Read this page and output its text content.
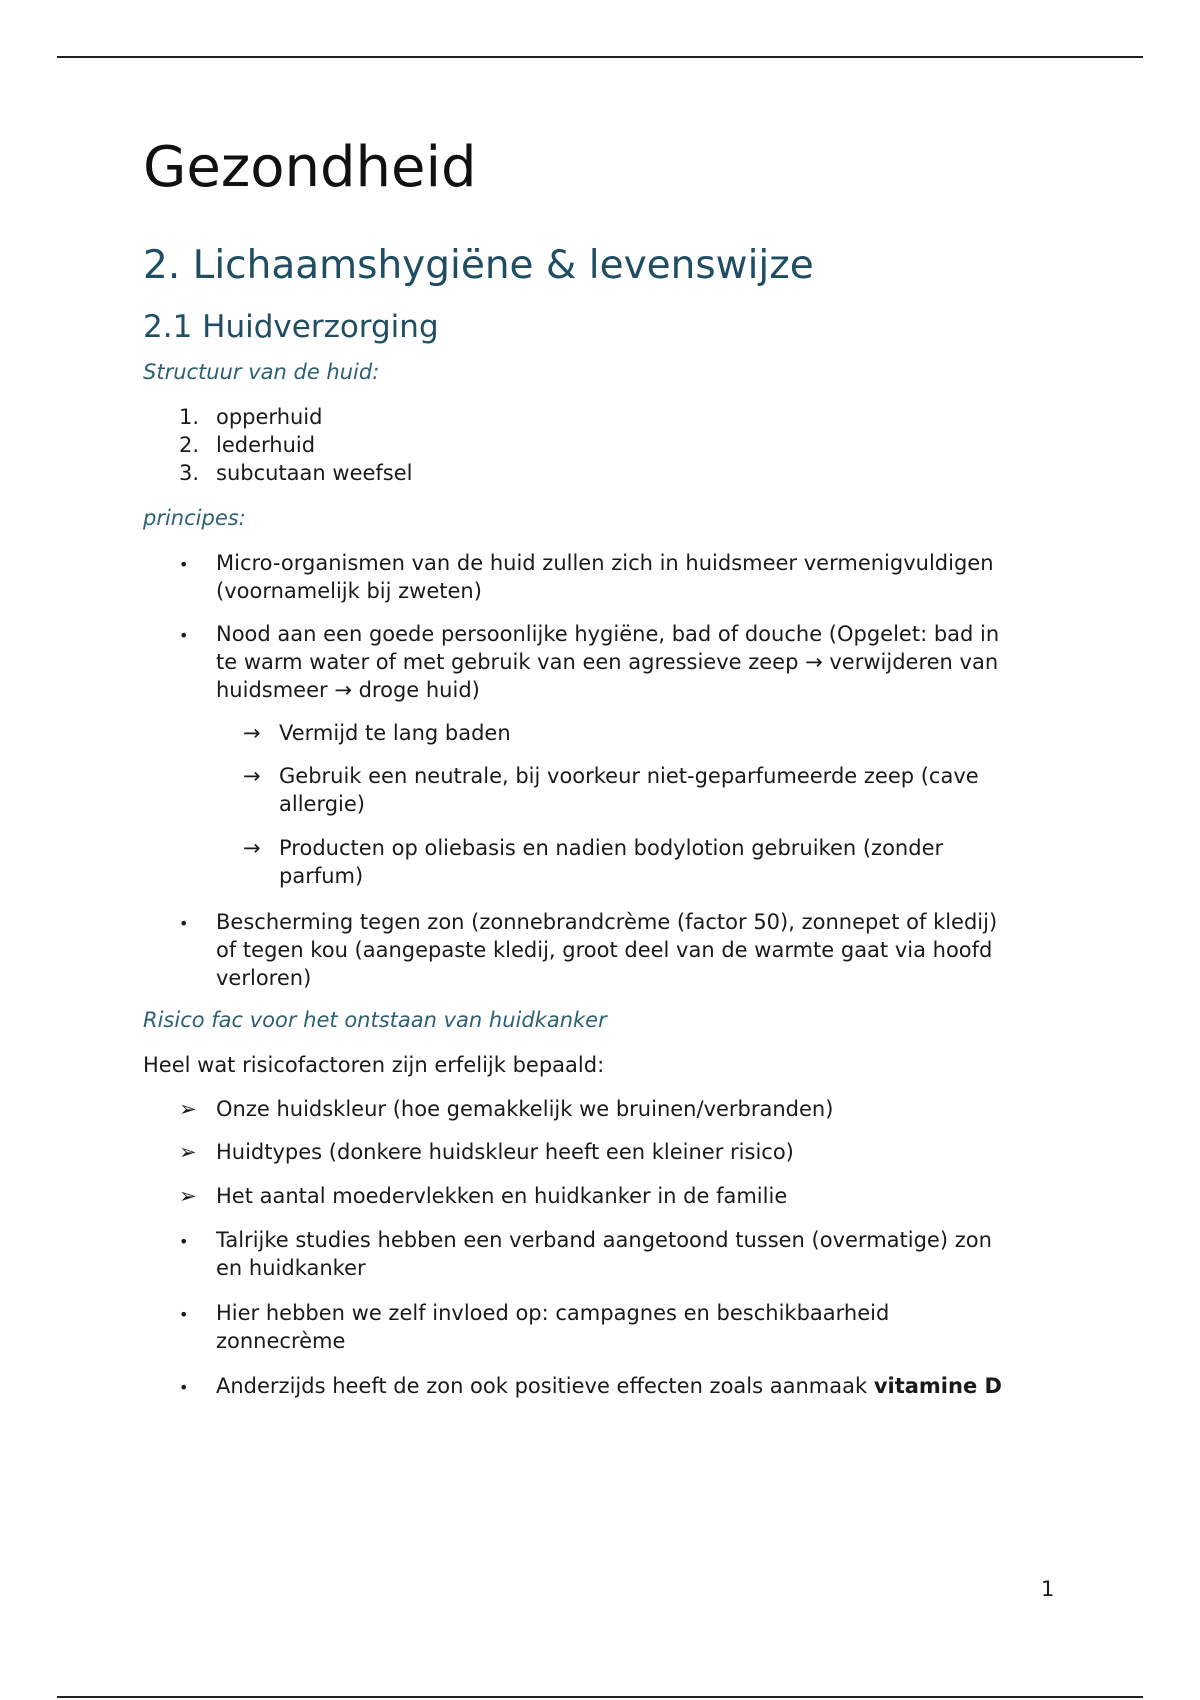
Gezondheid
2. Lichaamshygiëne & levenswijze
2.1 Huidverzorging
Structuur van de huid:
1. opperhuid
2. lederhuid
3. subcutaan weefsel
principes:
• Micro-organismen van de huid zullen zich in huidsmeer vermenigvuldigen
(voornamelijk bij zweten)
• Nood aan een goede persoonlijke hygiëne, bad of douche (Opgelet: bad in
te warm water of met gebruik van een agressieve zeep → verwijderen van
huidsmeer → droge huid)
→ Vermijd te lang baden
→ Gebruik een neutrale, bij voorkeur niet-geparfumeerde zeep (cave
allergie)
→ Producten op oliebasis en nadien bodylotion gebruiken (zonder
parfum)
• Bescherming tegen zon (zonnebrandcrème (factor 50), zonnepet of kledij)
of tegen kou (aangepaste kledij, groot deel van de warmte gaat via hoofd
verloren)
Risico fac voor het ontstaan van huidkanker
Heel wat risicofactoren zijn erfelijk bepaald:
➢ Onze huidskleur (hoe gemakkelijk we bruinen/verbranden)
➢ Huidtypes (donkere huidskleur heeft een kleiner risico)
➢ Het aantal moedervlekken en huidkanker in de familie
• Talrijke studies hebben een verband aangetoond tussen (overmatige) zon
en huidkanker
• Hier hebben we zelf invloed op: campagnes en beschikbaarheid
zonnecrème
• Anderzijds heeft de zon ook positieve effecten zoals aanmaak vitamine D
1
